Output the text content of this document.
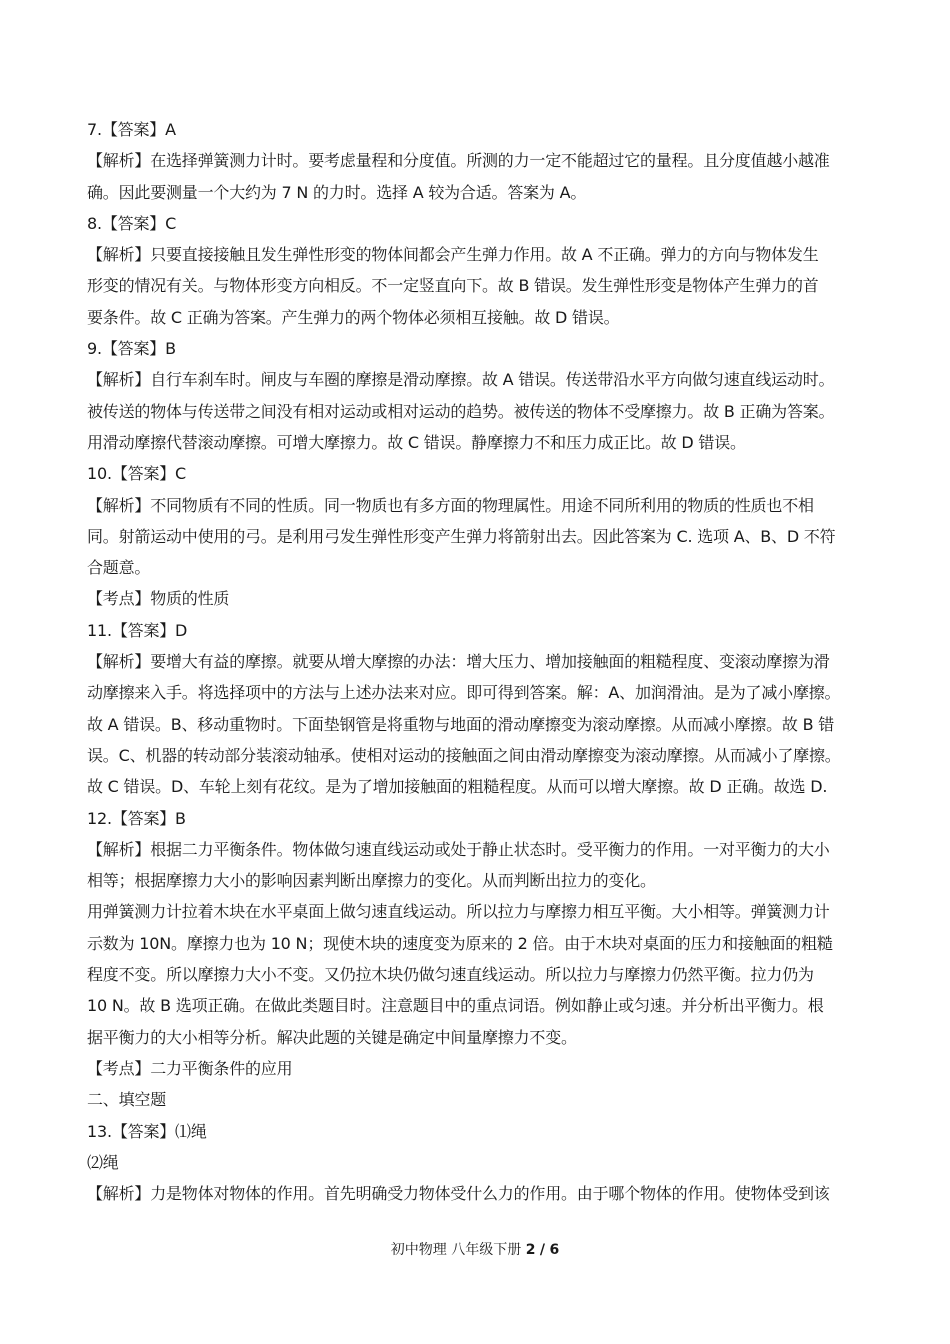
7.【答案】A
【解析】在选择弹簧测力计时。要考虑量程和分度值。所测的力一定不能超过它的量程。且分度值越小越准
确。因此要测量一个大约为 7 N 的力时。选择 A 较为合适。答案为 A。
8.【答案】C
【解析】只要直接接触且发生弹性形变的物体间都会产生弹力作用。故 A 不正确。弹力的方向与物体发生
形变的情况有关。与物体形变方向相反。不一定竖直向下。故 B 错误。发生弹性形变是物体产生弹力的首
要条件。故 C 正确为答案。产生弹力的两个物体必须相互接触。故 D 错误。
9.【答案】B
【解析】自行车刹车时。闸皮与车圈的摩擦是滑动摩擦。故 A 错误。传送带沿水平方向做匀速直线运动时。
被传送的物体与传送带之间没有相对运动或相对运动的趋势。被传送的物体不受摩擦力。故 B 正确为答案。
用滑动摩擦代替滚动摩擦。可增大摩擦力。故 C 错误。静摩擦力不和压力成正比。故 D 错误。
10.【答案】C
【解析】不同物质有不同的性质。同一物质也有多方面的物理属性。用途不同所利用的物质的性质也不相
同。射箭运动中使用的弓。是利用弓发生弹性形变产生弹力将箭射出去。因此答案为 C. 选项 A、B、D 不符
合题意。
【考点】物质的性质
11.【答案】D
【解析】要增大有益的摩擦。就要从增大摩擦的办法：增大压力、增加接触面的粗糙程度、变滚动摩擦为滑
动摩擦来入手。将选择项中的方法与上述办法来对应。即可得到答案。解：A、加润滑油。是为了减小摩擦。
故 A 错误。B、移动重物时。下面垫钢管是将重物与地面的滑动摩擦变为滚动摩擦。从而减小摩擦。故 B 错
误。C、机器的转动部分装滚动轴承。使相对运动的接触面之间由滑动摩擦变为滚动摩擦。从而减小了摩擦。
故 C 错误。D、车轮上刻有花纹。是为了增加接触面的粗糙程度。从而可以增大摩擦。故 D 正确。故选 D.
12.【答案】B
【解析】根据二力平衡条件。物体做匀速直线运动或处于静止状态时。受平衡力的作用。一对平衡力的大小
相等；根据摩擦力大小的影响因素判断出摩擦力的变化。从而判断出拉力的变化。
用弹簧测力计拉着木块在水平桌面上做匀速直线运动。所以拉力与摩擦力相互平衡。大小相等。弹簧测力计
示数为 10N。摩擦力也为 10 N；现使木块的速度变为原来的 2 倍。由于木块对桌面的压力和接触面的粗糙
程度不变。所以摩擦力大小不变。又仍拉木块仍做匀速直线运动。所以拉力与摩擦力仍然平衡。拉力仍为
10 N。故 B 选项正确。在做此类题目时。注意题目中的重点词语。例如静止或匀速。并分析出平衡力。根
据平衡力的大小相等分析。解决此题的关键是确定中间量摩擦力不变。
【考点】二力平衡条件的应用
二、填空题
13.【答案】⑴绳
⑵绳
【解析】力是物体对物体的作用。首先明确受力物体受什么力的作用。由于哪个物体的作用。使物体受到该
初中物理 八年级下册 2 / 6
